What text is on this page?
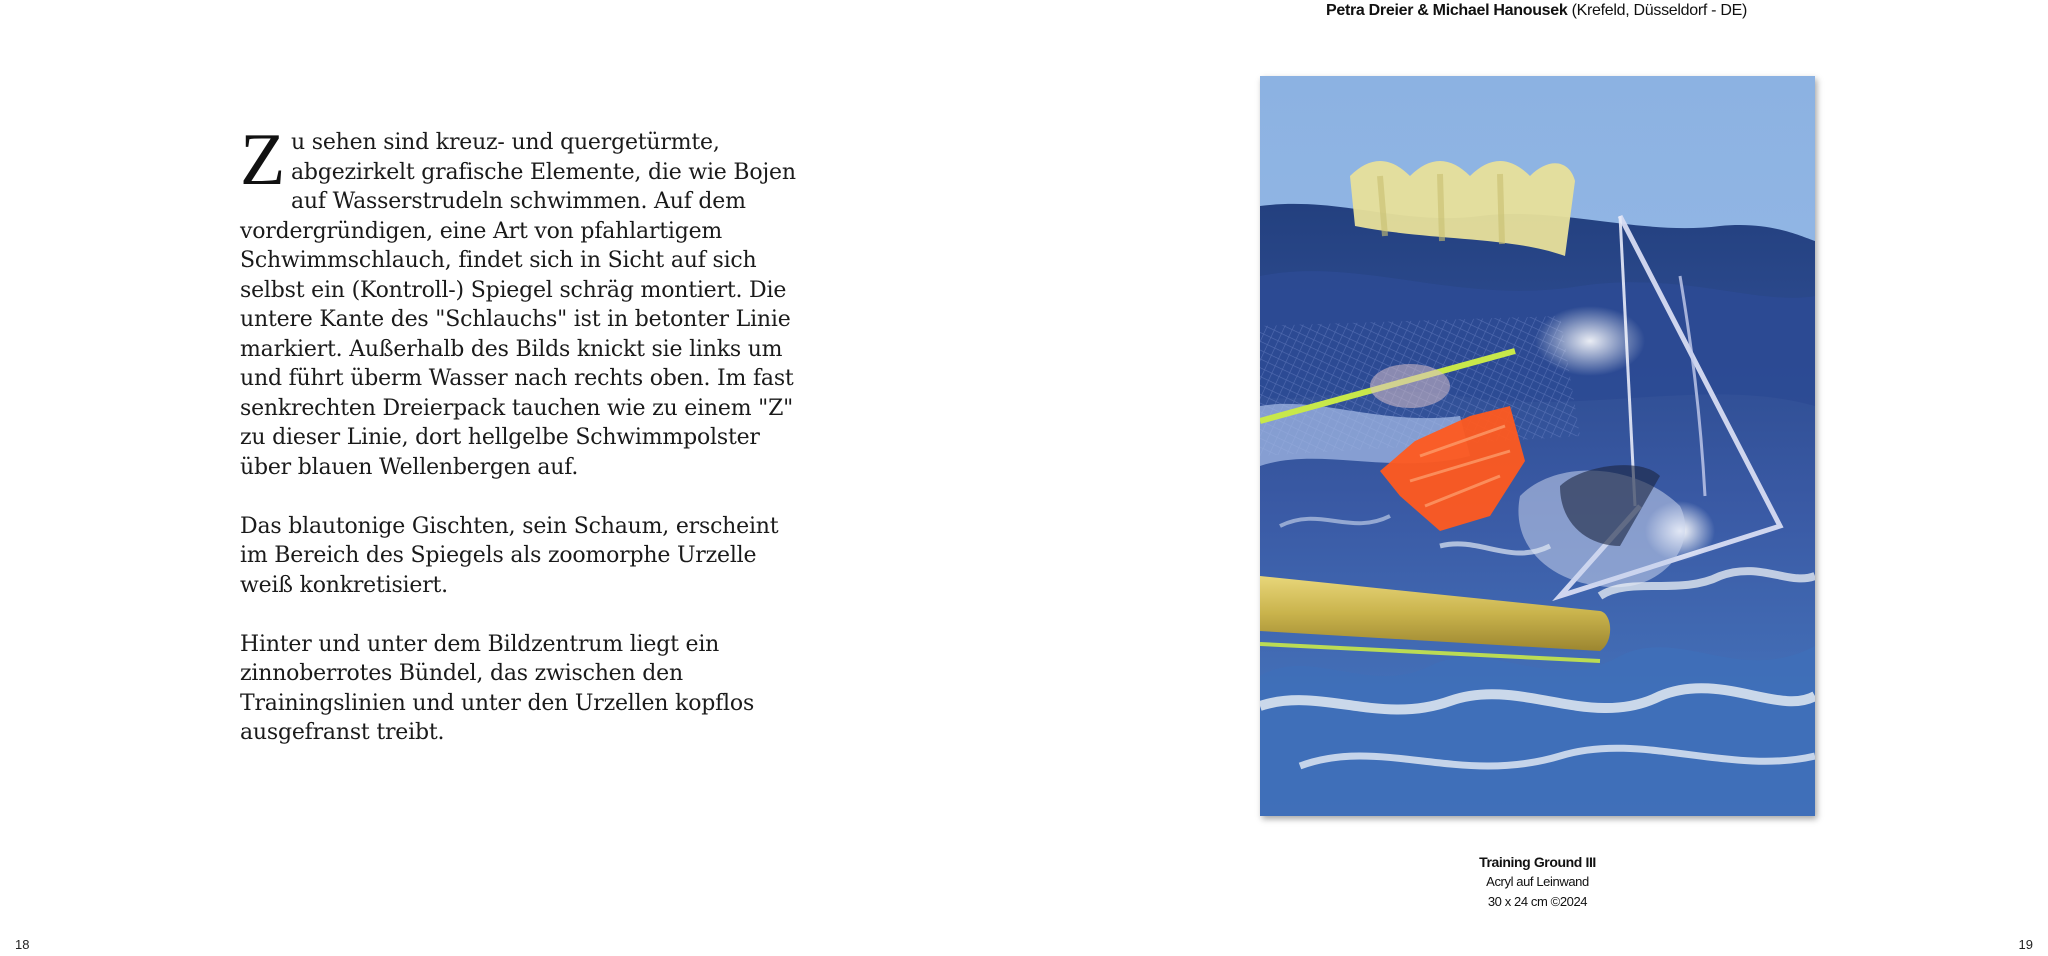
Zu sehen sind kreuz- und quergetürmte, abgezirkelt grafische Elemente, die wie Bojen auf Wasserstrudeln schwimmen. Auf dem vordergründigen, eine Art von pfahlartigem Schwimmschlauch, findet sich in Sicht auf sich selbst ein (Kontroll-) Spiegel schräg montiert. Die untere Kante des "Schlauchs" ist in betonter Linie markiert. Außerhalb des Bilds knickt sie links um und führt überm Wasser nach rechts oben. Im fast senkrechten Dreierpack tauchen wie zu einem "Z" zu dieser Linie, dort hellgelbe Schwimmpolster über blauen Wellenbergen auf.

Das blautonige Gischten, sein Schaum, erscheint im Bereich des Spiegels als zoomorphe Urzelle weiß konkretisiert.

Hinter und unter dem Bildzentrum liegt ein zinnoberrotes Bündel, das zwischen den Trainingslinien und unter den Urzellen kopflos ausgefranst treibt.

18
Petra Dreier & Michael Hanousek (Krefeld, Düsseldorf - DE)
Training Ground III
Acryl auf Leinwand
30 x 24 cm ©2024
19
